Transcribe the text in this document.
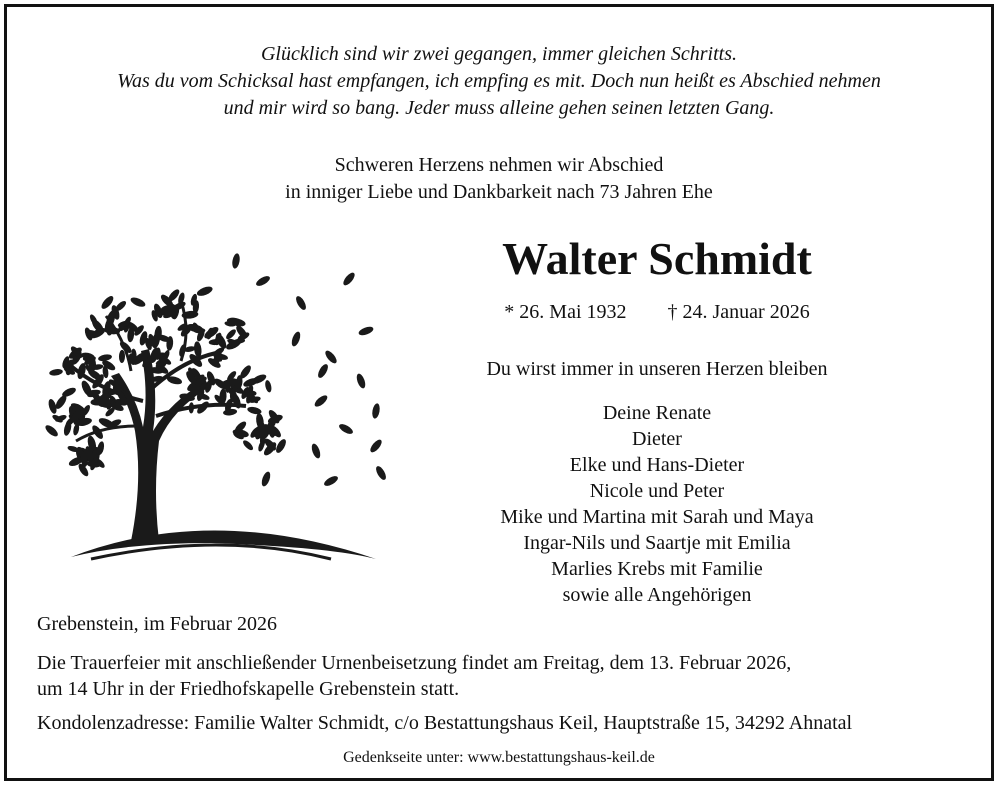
Glücklich sind wir zwei gegangen, immer gleichen Schritts.
Was du vom Schicksal hast empfangen, ich empfing es mit. Doch nun heißt es Abschied nehmen
und mir wird so bang. Jeder muss alleine gehen seinen letzten Gang.
Schweren Herzens nehmen wir Abschied
in inniger Liebe und Dankbarkeit nach 73 Jahren Ehe
Walter Schmidt
* 26. Mai 1932 † 24. Januar 2026
Du wirst immer in unseren Herzen bleiben
Deine Renate
Dieter
Elke und Hans-Dieter
Nicole und Peter
Mike und Martina mit Sarah und Maya
Ingar-Nils und Saartje mit Emilia
Marlies Krebs mit Familie
sowie alle Angehörigen
Grebenstein, im Februar 2026
Die Trauerfeier mit anschließender Urnenbeisetzung findet am Freitag, dem 13. Februar 2026,
um 14 Uhr in der Friedhofskapelle Grebenstein statt.
Kondolenzadresse: Familie Walter Schmidt, c/o Bestattungshaus Keil, Hauptstraße 15, 34292 Ahnatal
Gedenkseite unter: www.bestattungshaus-keil.de
